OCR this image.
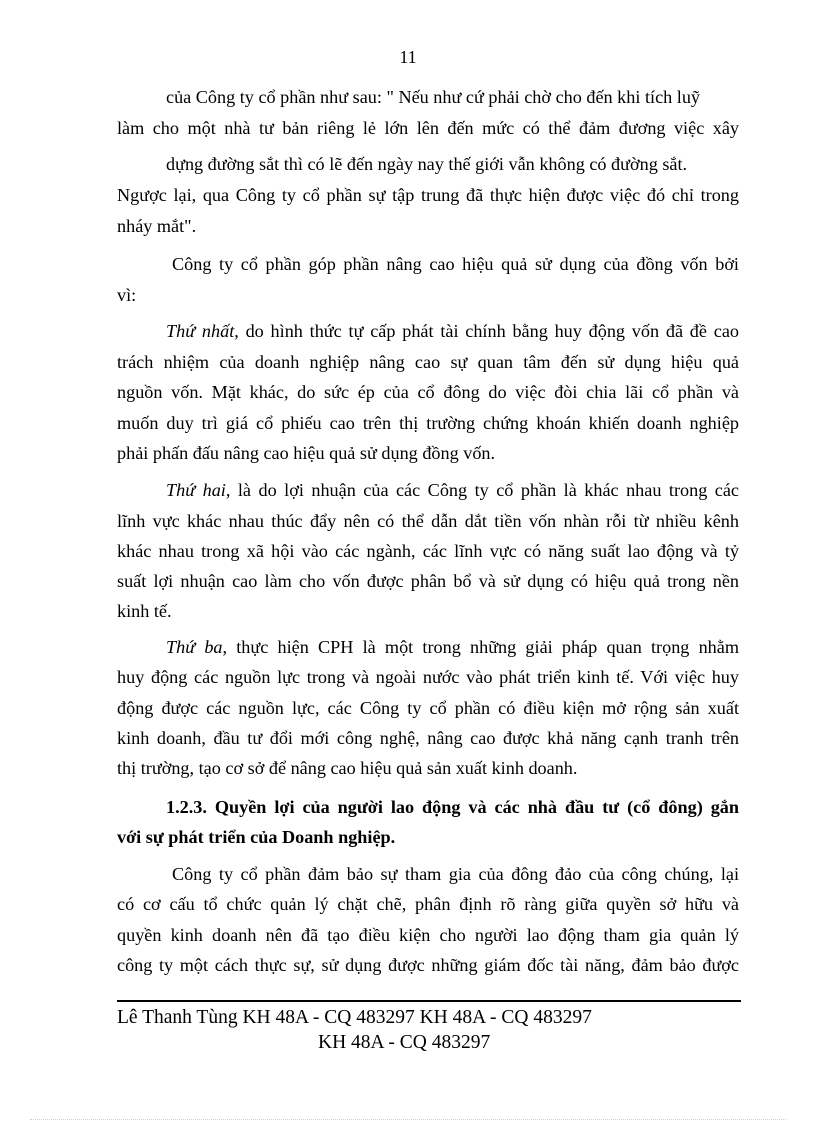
11
của Công ty cổ phần như sau: " Nếu như cứ phải chờ cho đến khi tích luỹ
làm cho một nhà tư bản riêng lẻ lớn lên đến mức có thể đảm đương việc xây
dựng đường sắt thì có lẽ đến ngày nay thế giới vẫn không có đường sắt.
Ngược lại, qua Công ty cổ phần sự tập trung đã thực hiện được việc đó chỉ trong
nháy mắt".
Công ty cổ phần góp phần nâng cao hiệu quả sử dụng của đồng vốn bởi
vì:
Thứ nhất, do hình thức tự cấp phát tài chính bằng huy động vốn đã đề cao
trách nhiệm của doanh nghiệp nâng cao sự quan tâm đến sử dụng hiệu quả
nguồn vốn. Mặt khác, do sức ép của cổ đông do việc đòi chia lãi cổ phần và
muốn duy trì giá cổ phiếu cao trên thị trường chứng khoán khiến doanh nghiệp
phải phấn đấu nâng cao hiệu quả sử dụng đồng vốn.
Thứ hai, là do lợi nhuận của các Công ty cổ phần là khác nhau trong các
lĩnh vực khác nhau thúc đẩy nên có thể dẫn dắt tiền vốn nhàn rỗi từ nhiều kênh
khác nhau trong xã hội vào các ngành, các lĩnh vực có năng suất lao động và tỷ
suất lợi nhuận cao làm cho vốn được phân bổ và sử dụng có hiệu quả trong nền
kinh tế.
Thứ ba, thực hiện CPH là một trong những giải pháp quan trọng nhằm
huy động các nguồn lực trong và ngoài nước vào phát triển kinh tế. Với việc huy
động được các nguồn lực, các Công ty cổ phần có điều kiện mở rộng sản xuất
kinh doanh, đầu tư đổi mới công nghệ, nâng cao được khả năng cạnh tranh trên
thị trường, tạo cơ sở để nâng cao hiệu quả sản xuất kinh doanh.
1.2.3. Quyền lợi của người lao động và các nhà đầu tư (cổ đông) gắn
với sự phát triển của Doanh nghiệp.
Công ty cổ phần đảm bảo sự tham gia của đông đảo của công chúng, lại
có cơ cấu tổ chức quản lý chặt chẽ, phân định rõ ràng giữa quyền sở hữu và
quyền kinh doanh nên đã tạo điều kiện cho người lao động tham gia quản lý
công ty một cách thực sự, sử dụng được những giám đốc tài năng, đảm bảo được
Lê Thanh Tùng KH 48A - CQ 483297 KH 48A - CQ 483297
KH 48A - CQ 483297
